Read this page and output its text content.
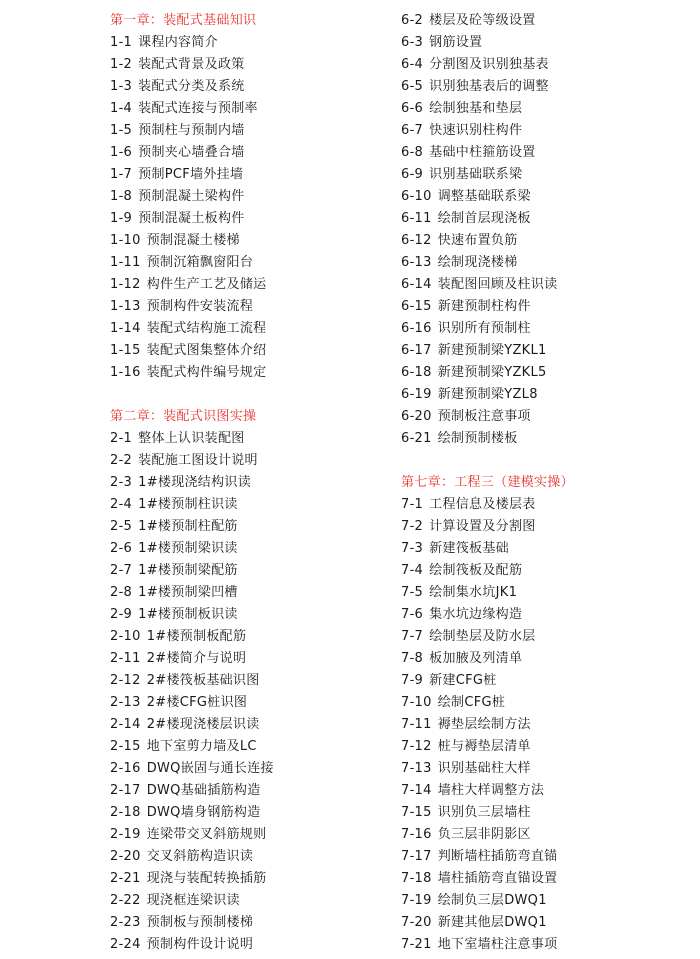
第一章：装配式基础知识
1-1 课程内容简介
1-2 装配式背景及政策
1-3 装配式分类及系统
1-4 装配式连接与预制率
1-5 预制柱与预制内墙
1-6 预制夹心墙叠合墙
1-7 预制PCF墙外挂墙
1-8 预制混凝土梁构件
1-9 预制混凝土板构件
1-10 预制混凝土楼梯
1-11 预制沉箱飘窗阳台
1-12 构件生产工艺及储运
1-13 预制构件安装流程
1-14 装配式结构施工流程
1-15 装配式图集整体介绍
1-16 装配式构件编号规定
第二章：装配式识图实操
2-1 整体上认识装配图
2-2 装配施工图设计说明
2-3 1#楼现浇结构识读
2-4 1#楼预制柱识读
2-5 1#楼预制柱配筋
2-6 1#楼预制梁识读
2-7 1#楼预制梁配筋
2-8 1#楼预制梁凹槽
2-9 1#楼预制板识读
2-10 1#楼预制板配筋
2-11 2#楼简介与说明
2-12 2#楼筏板基础识图
2-13 2#楼CFG桩识图
2-14 2#楼现浇楼层识读
2-15 地下室剪力墙及LC
2-16 DWQ嵌固与通长连接
2-17 DWQ基础插筋构造
2-18 DWQ墙身钢筋构造
2-19 连梁带交叉斜筋规则
2-20 交叉斜筋构造识读
2-21 现浇与装配转换插筋
2-22 现浇框连梁识读
2-23 预制板与预制楼梯
2-24 预制构件设计说明
6-2 楼层及砼等级设置
6-3 钢筋设置
6-4 分割图及识别独基表
6-5 识别独基表后的调整
6-6 绘制独基和垫层
6-7 快速识别柱构件
6-8 基础中柱箍筋设置
6-9 识别基础联系梁
6-10 调整基础联系梁
6-11 绘制首层现浇板
6-12 快速布置负筋
6-13 绘制现浇楼梯
6-14 装配图回顾及柱识读
6-15 新建预制柱构件
6-16 识别所有预制柱
6-17 新建预制梁YZKL1
6-18 新建预制梁YZKL5
6-19 新建预制梁YZL8
6-20 预制板注意事项
6-21 绘制预制楼板
第七章：工程三（建模实操）
7-1 工程信息及楼层表
7-2 计算设置及分割图
7-3 新建筏板基础
7-4 绘制筏板及配筋
7-5 绘制集水坑JK1
7-6 集水坑边缘构造
7-7 绘制垫层及防水层
7-8 板加腋及列清单
7-9 新建CFG桩
7-10 绘制CFG桩
7-11 褥垫层绘制方法
7-12 桩与褥垫层清单
7-13 识别基础柱大样
7-14 墙柱大样调整方法
7-15 识别负三层墙柱
7-16 负三层非阴影区
7-17 判断墙柱插筋弯直锚
7-18 墙柱插筋弯直锚设置
7-19 绘制负三层DWQ1
7-20 新建其他层DWQ1
7-21 地下室墙柱注意事项
